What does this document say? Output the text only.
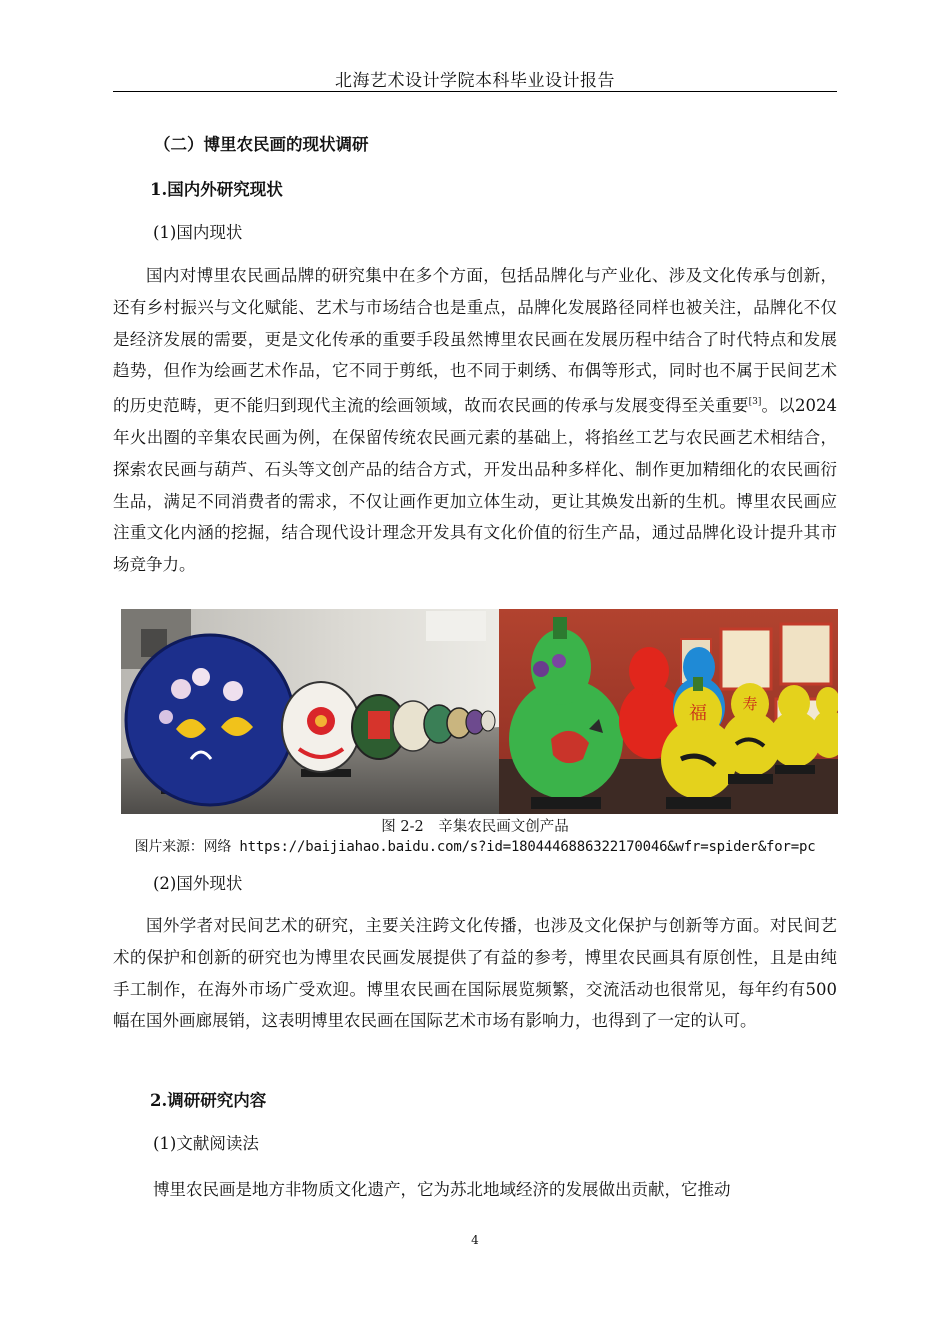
北海艺术设计学院本科毕业设计报告
（二）博里农民画的现状调研
1.国内外研究现状
(1)国内现状
国内对博里农民画品牌的研究集中在多个方面，包括品牌化与产业化、涉及文化传承与创新，还有乡村振兴与文化赋能、艺术与市场结合也是重点，品牌化发展路径同样也被关注，品牌化不仅是经济发展的需要，更是文化传承的重要手段虽然博里农民画在发展历程中结合了时代特点和发展趋势，但作为绘画艺术作品，它不同于剪纸，也不同于刺绣、布偶等形式，同时也不属于民间艺术的历史范畴，更不能归到现代主流的绘画领域，故而农民画的传承与发展变得至关重要[3]。以2024年火出圈的辛集农民画为例，在保留传统农民画元素的基础上，将掐丝工艺与农民画艺术相结合，探索农民画与葫芦、石头等文创产品的结合方式，开发出品种多样化、制作更加精细化的农民画衍生品，满足不同消费者的需求，不仅让画作更加立体生动，更让其焕发出新的生机。博里农民画应注重文化内涵的挖掘，结合现代设计理念开发具有文化价值的衍生产品，通过品牌化设计提升其市场竞争力。
福 寿
图 2-2　辛集农民画文创产品
图片来源：网络 https://baijiahao.baidu.com/s?id=1804446886322170046&wfr=spider&for=pc
(2)国外现状
国外学者对民间艺术的研究，主要关注跨文化传播，也涉及文化保护与创新等方面。对民间艺术的保护和创新的研究也为博里农民画发展提供了有益的参考，博里农民画具有原创性，且是由纯手工制作，在海外市场广受欢迎。博里农民画在国际展览频繁，交流活动也很常见，每年约有500幅在国外画廊展销，这表明博里农民画在国际艺术市场有影响力，也得到了一定的认可。
2.调研研究内容
(1)文献阅读法
博里农民画是地方非物质文化遗产，它为苏北地域经济的发展做出贡献，它推动
4
